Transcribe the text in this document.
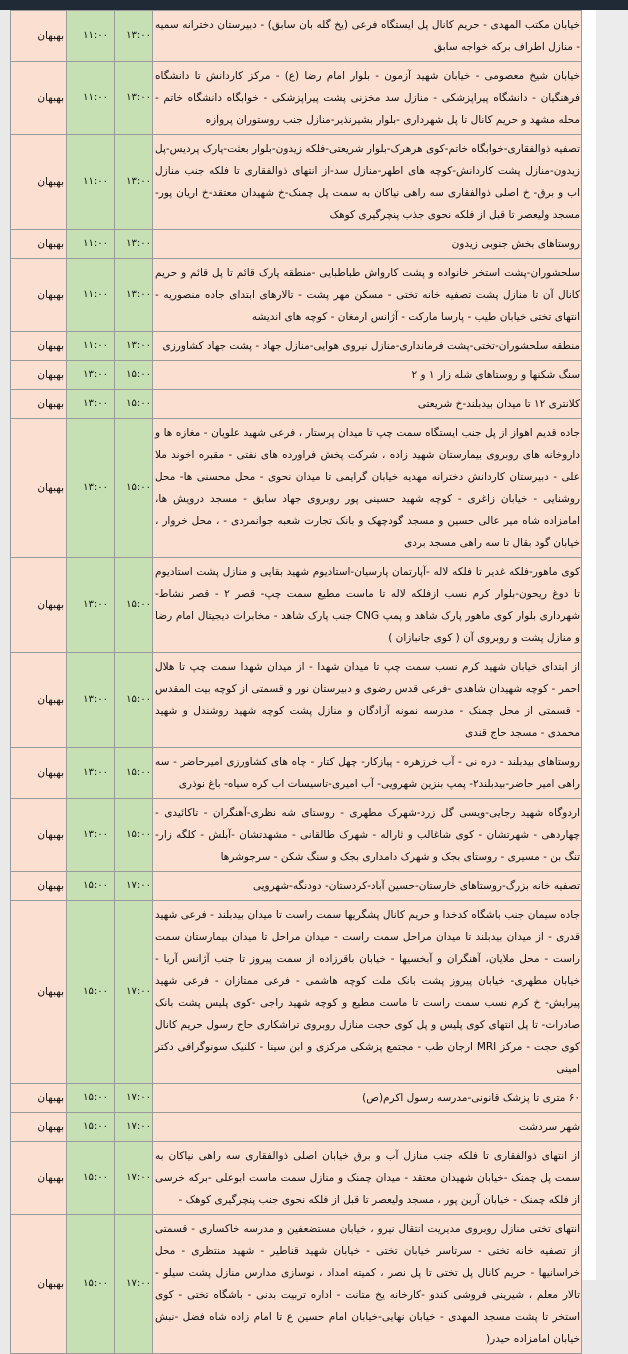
بهبهان	۱۱:۰۰	۱۳:۰۰	خیابان مکتب المهدی - حریم کانال پل ایستگاه فرعی (یخ گله بان سابق) - دبیرستان دخترانه سمیه - منازل اطراف برکه خواجه سابق
بهبهان	۱۱:۰۰	۱۳:۰۰	خیابان شیخ معصومی - خیابان شهید آزمون - بلوار امام رضا (ع) - مرکز کاردانش تا دانشگاه فرهنگیان - دانشگاه پیراپزشکی - منازل سد مخزنی پشت پیراپزشکی - خوابگاه دانشگاه خاتم - محله مشهد و حریم کانال تا پل شهرداری -بلوار بشیرنذیر-منازل جنب روستوران پروازه
بهبهان	۱۱:۰۰	۱۳:۰۰	تصفیه ذوالفقاری-خوابگاه خاتم-کوی هرهرک-بلوار شریعتی-فلکه زیدون-بلوار بعثت-پارک پردیس-پل زیدون-منازل پشت کاردانش-کوچه های اطهر-منازل سد-از انتهای ذوالفقاری تا فلکه جنب منازل اب و برق- خ اصلی ذوالفقاری سه راهی نیاکان به سمت پل چمنک-خ شهیدان معتقد-خ اریان پور-مسجد ولیعصر تا قبل از فلکه نحوی جذب پنچرگیری کوهک
بهبهان	۱۱:۰۰	۱۳:۰۰	روستاهای بخش جنوبی زیدون
بهبهان	۱۱:۰۰	۱۳:۰۰	سلحشوران-پشت استخر خانواده و پشت کارواش طباطبایی -منطقه پارک قائم تا پل قائم و حریم کانال آن تا منازل پشت تصفیه خانه تختی - مسکن مهر پشت - تالارهای ابتدای جاده منصوریه - انتهای تختی خیابان طیب - پارسا مارکت - آژانس ارمغان - کوچه های اندیشه
بهبهان	۱۱:۰۰	۱۳:۰۰	منطقه سلحشوران-تختی-پشت فرمانداری-منازل نیروی هوایی-منازل جهاد - پشت جهاد کشاورزی
بهبهان	۱۳:۰۰	۱۵:۰۰	سنگ شکنها و روستاهای شله زار ۱ و ۲
بهبهان	۱۳:۰۰	۱۵:۰۰	کلانتری ۱۲ تا میدان بیدبلند-خ شریعتی
بهبهان	۱۳:۰۰	۱۵:۰۰	جاده قدیم اهواز از پل جنب ایستگاه سمت چپ تا میدان پرستار ، فرعی شهید علویان - مغازه ها و داروخانه های روبروی بیمارستان شهید زاده ، شرکت پخش فراورده های نفتی - مقبره اخوند ملا علی - دبیرستان کاردانش دخترانه مهدیه خیابان گرایمی تا میدان نحوی - محل محسنی ها- محل روشنایی - خیابان زاغری - کوچه شهید حسینی پور روبروی جهاد سابق - مسجد درویش ها، امامزاده شاه میر عالی حسین و مسجد گودچهک و بانک تجارت شعبه جوانمردی - ، محل خروار ، خیابان گود بقال تا سه راهی مسجد بردی
بهبهان	۱۳:۰۰	۱۵:۰۰	کوی ماهور-فلکه غدیر تا فلکه لاله -آپارتمان پارسیان-استادیوم شهید بقایی و منازل پشت استادیوم تا دوغ ریحون-بلوار کرم نسب ازفلکه لاله تا ماست مطیع سمت چپ- قصر ۲ - قصر نشاط- شهرداری بلوار کوی ماهور پارک شاهد و پمپ CNG جنب پارک شاهد - مخابرات دیجیتال امام رضا و منازل پشت و روبروی آن ( کوی جانبازان )
بهبهان	۱۳:۰۰	۱۵:۰۰	از ابتدای خیابان شهید کرم نسب سمت چپ تا میدان شهدا - از میدان شهدا سمت چپ تا هلال احمر - کوچه شهیدان شاهدی -فرعی قدس رضوی و دبیرستان نور و قسمتی از کوچه بیت المقدس - قسمتی از محل چمنک - مدرسه نمونه آزادگان و منازل پشت کوچه شهید روشندل و شهید محمدی - مسجد حاج قندی
بهبهان	۱۳:۰۰	۱۵:۰۰	روستاهای بیدبلند - دره نی - آب خرزهره - پیازکار- چهل کتار - چاه های کشاورزی امیرحاضر - سه راهی امیر حاضر-بیدبلند۲- پمپ بنزین شهرویی- آب امیری-تاسیسات اب کره سیاه- باغ نوذری
بهبهان	۱۳:۰۰	۱۵:۰۰	اردوگاه شهید رجایی-ویسی گل زرد-شهرک مطهری - روستای شه نظری-آهنگران - تاکائیدی - چهاردهی - شهرتشان - کوی شاغالب و ثاراله - شهرک طالقانی - مشهدتشان -آبلش - کلگه زار- تنگ بن - مسیری - روستای بجک و شهرک دامداری بجک و سنگ شکن - سرجوشرها
بهبهان	۱۵:۰۰	۱۷:۰۰	تصفیه خانه بزرگ-روستاهای خارستان-حسین آباد-کردستان- دودنگه-شهرویی
بهبهان	۱۵:۰۰	۱۷:۰۰	جاده سیمان جنب باشگاه کدخدا و حریم کانال پشگریها سمت راست تا میدان بیدبلند - فرعی شهید قدری - از میدان بیدبلند تا میدان مراحل سمت راست - میدان مراحل تا میدان بیمارستان سمت راست - محل ملایان، آهنگران و آبخسیها - خیابان باقرزاده از سمت پیروز تا جنب آژانس آریا - خیابان مطهری- خیابان پیروز پشت بانک ملت کوچه هاشمی - فرعی ممتازان - فرعی شهید پیرایش- خ کرم نسب سمت راست تا ماست مطیع و کوچه شهید راجی -کوی پلیس پشت بانک صادرات- تا پل انتهای کوی پلیس و پل کوی حجت منازل روبروی تراشکاری حاج رسول حریم کانال کوی حجت - مرکز MRI ارجان طب - مجتمع پزشکی مرکزی و ابن سینا - کلنیک سونوگرافی دکتر امینی
بهبهان	۱۵:۰۰	۱۷:۰۰	۶۰ متری تا پزشک قانونی-مدرسه رسول اکرم(ص)
بهبهان	۱۵:۰۰	۱۷:۰۰	شهر سردشت
بهبهان	۱۵:۰۰	۱۷:۰۰	از انتهای ذوالفقاری تا فلکه جنب منازل آب و برق خیابان اصلی ذوالفقاری سه راهی نیاکان به سمت پل چمنک -خیابان شهیدان معتقد - میدان چمنک و منازل سمت ماست ابوعلی -برکه خرسی از فلکه چمنک - خیابان آرین پور ، مسجد ولیعصر تا قبل از فلکه نحوی جنب پنچرگیری کوهک -
بهبهان	۱۵:۰۰	۱۷:۰۰	انتهای تختی منازل روبروی مدیریت انتقال نیرو ، خیابان مستضعفین و مدرسه خاکساری - قسمتی از تصفیه خانه تختی - سرتاسر خیابان تختی - خیابان شهید قناطیر - شهید منتظری - محل خراسانیها - حریم کانال پل تختی تا پل نصر ، کمیته امداد ، نوسازی مدارس منازل پشت سیلو - تالار معلم ، شیرینی فروشی کندو -کارخانه یخ متانت - اداره تربیت بدنی - باشگاه تختی - کوی استخر تا پشت مسجد المهدی - خیابان نهایی-خیابان امام حسین ع تا امام زاده شاه فضل -نبش خیابان امامزاده حیدر(
